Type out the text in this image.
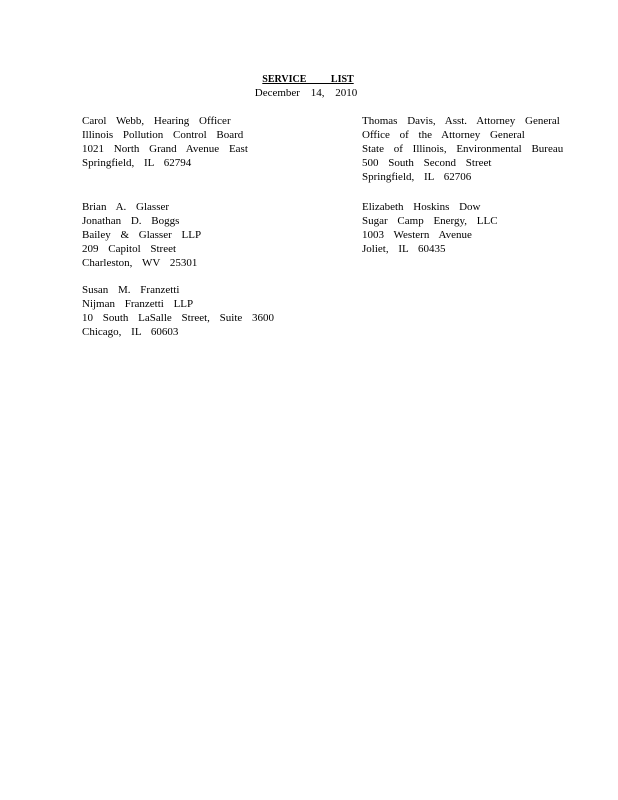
SERVICE LIST
December 14, 2010
Carol Webb, Hearing Officer
Illinois Pollution Control Board
1021 North Grand Avenue East
Springfield, IL 62794
Thomas Davis, Asst. Attorney General
Office of the Attorney General
State of Illinois, Environmental Bureau
500 South Second Street
Springfield, IL 62706
Brian A. Glasser
Jonathan D. Boggs
Bailey & Glasser LLP
209 Capitol Street
Charleston, WV 25301
Elizabeth Hoskins Dow
Sugar Camp Energy, LLC
1003 Western Avenue
Joliet, IL 60435
Susan M. Franzetti
Nijman Franzetti LLP
10 South LaSalle Street, Suite 3600
Chicago, IL 60603
